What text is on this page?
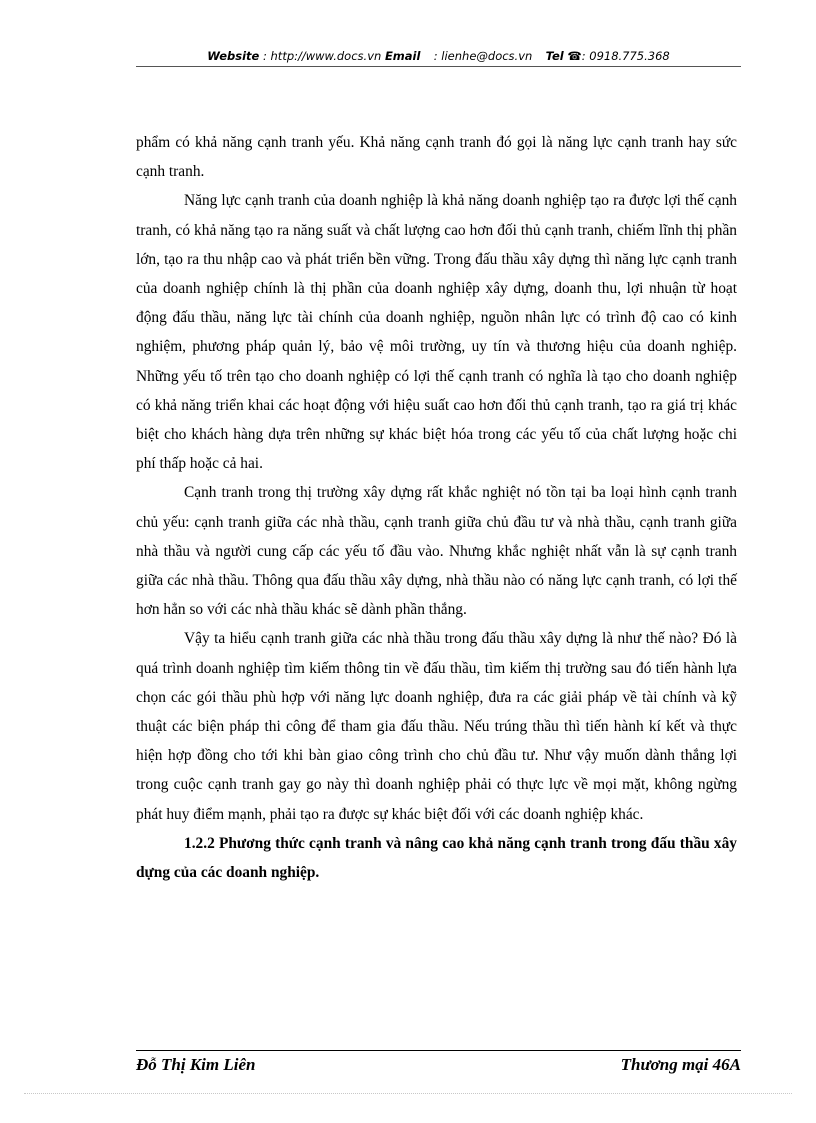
Website : http://www.docs.vn Email : lienhe@docs.vn Tel ☎: 0918.775.368

phẩm có khả năng cạnh tranh yếu. Khả năng cạnh tranh đó gọi là năng lực cạnh tranh hay sức cạnh tranh.

Năng lực cạnh tranh của doanh nghiệp là khả năng doanh nghiệp tạo ra được lợi thế cạnh tranh, có khả năng tạo ra năng suất và chất lượng cao hơn đối thủ cạnh tranh, chiếm lĩnh thị phần lớn, tạo ra thu nhập cao và phát triển bền vững. Trong đấu thầu xây dựng thì năng lực cạnh tranh của doanh nghiệp chính là thị phần của doanh nghiệp xây dựng, doanh thu, lợi nhuận từ hoạt động đấu thầu, năng lực tài chính của doanh nghiệp, nguồn nhân lực có trình độ cao có kinh nghiệm, phương pháp quản lý, bảo vệ môi trường, uy tín và thương hiệu của doanh nghiệp. Những yếu tố trên tạo cho doanh nghiệp có lợi thế cạnh tranh có nghĩa là tạo cho doanh nghiệp có khả năng triển khai các hoạt động với hiệu suất cao hơn đối thủ cạnh tranh, tạo ra giá trị khác biệt cho khách hàng dựa trên những sự khác biệt hóa trong các yếu tố của chất lượng hoặc chi phí thấp hoặc cả hai.

Cạnh tranh trong thị trường xây dựng rất khắc nghiệt nó tồn tại ba loại hình cạnh tranh chủ yếu: cạnh tranh giữa các nhà thầu, cạnh tranh giữa chủ đầu tư và nhà thầu, cạnh tranh giữa nhà thầu và người cung cấp các yếu tố đầu vào. Nhưng khắc nghiệt nhất vẫn là sự cạnh tranh giữa các nhà thầu. Thông qua đấu thầu xây dựng, nhà thầu nào có năng lực cạnh tranh, có lợi thế hơn hẳn so với các nhà thầu khác sẽ dành phần thắng.

Vậy ta hiểu cạnh tranh giữa các nhà thầu trong đấu thầu xây dựng là như thế nào? Đó là quá trình doanh nghiệp tìm kiếm thông tin về đấu thầu, tìm kiếm thị trường sau đó tiến hành lựa chọn các gói thầu phù hợp với năng lực doanh nghiệp, đưa ra các giải pháp về tài chính và kỹ thuật các biện pháp thi công để tham gia đấu thầu. Nếu trúng thầu thì tiến hành kí kết và thực hiện hợp đồng cho tới khi bàn giao công trình cho chủ đầu tư. Như vậy muốn dành thắng lợi trong cuộc cạnh tranh gay go này thì doanh nghiệp phải có thực lực về mọi mặt, không ngừng phát huy điểm mạnh, phải tạo ra được sự khác biệt đối với các doanh nghiệp khác.

1.2.2 Phương thức cạnh tranh và nâng cao khả năng cạnh tranh trong đấu thầu xây dựng của các doanh nghiệp.

Đỗ Thị Kim Liên	Thương mại 46A
